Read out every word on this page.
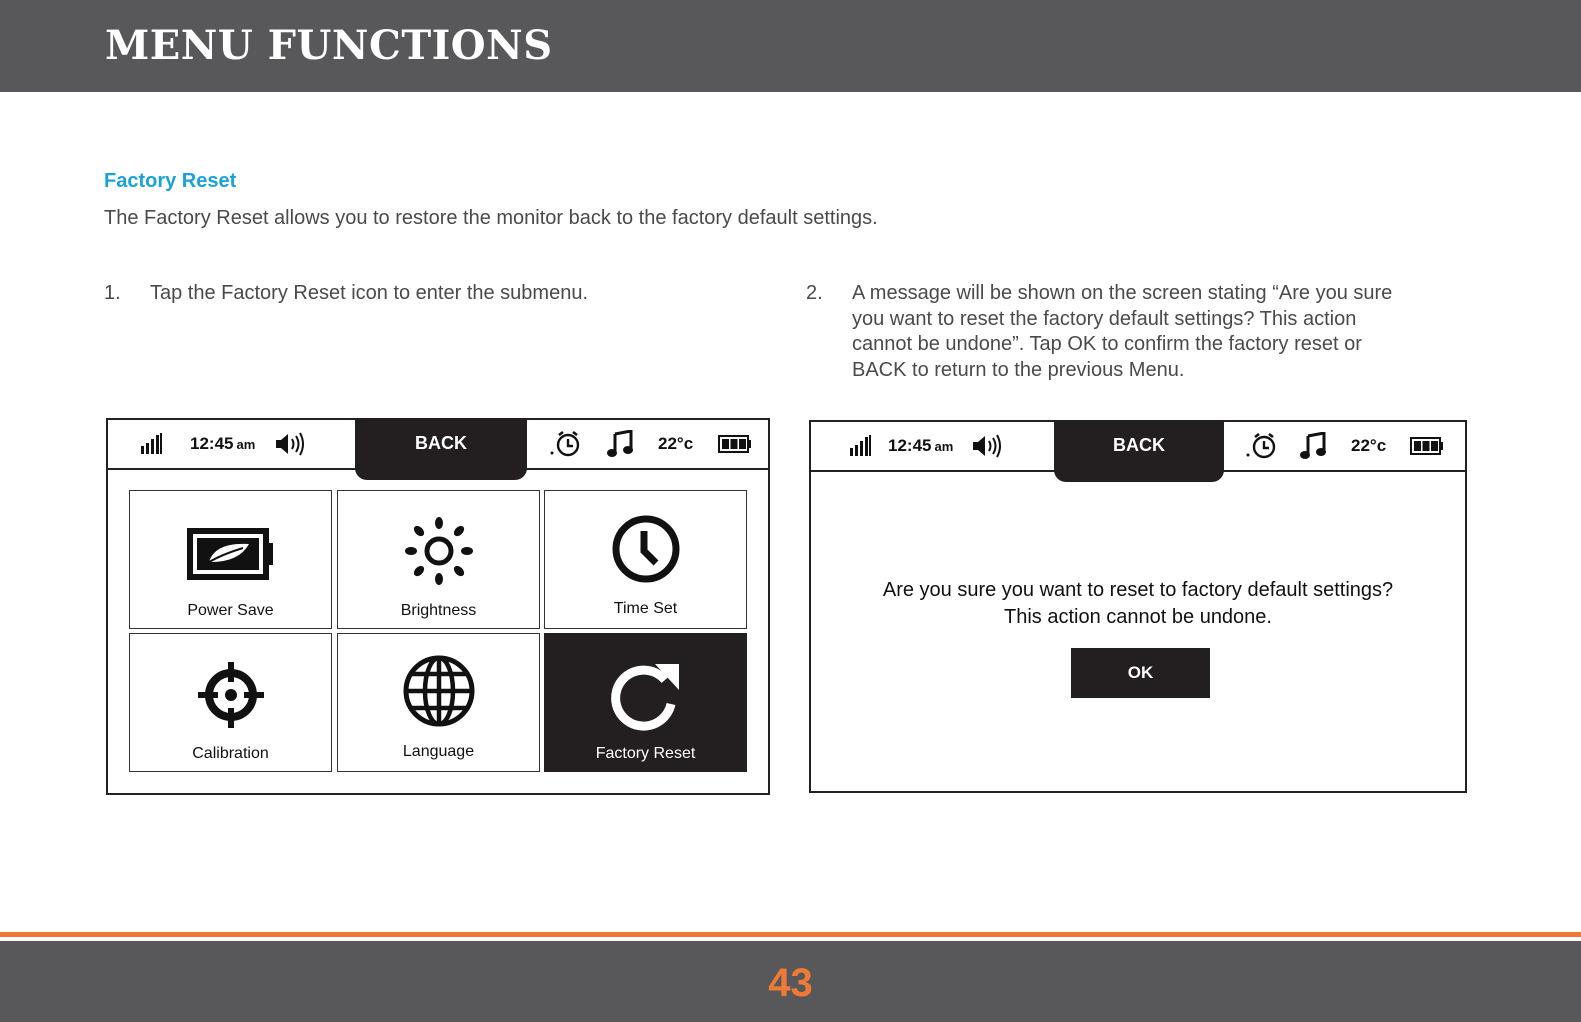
MENU FUNCTIONS
Factory Reset
The Factory Reset allows you to restore the monitor back to the factory default settings.
1. Tap the Factory Reset icon to enter the submenu.	2. A message will be shown on the screen stating “Are you sure
you want to reset the factory default settings? This action
cannot be undone”. Tap OK to confirm the factory reset or
BACK to return to the previous Menu.
12:45 am	BACK	22°c
Power Save	Brightness	Time Set
Calibration	Language	Factory Reset
12:45 am	BACK	22°c
Are you sure you want to reset to factory default settings?
This action cannot be undone.
OK
43
